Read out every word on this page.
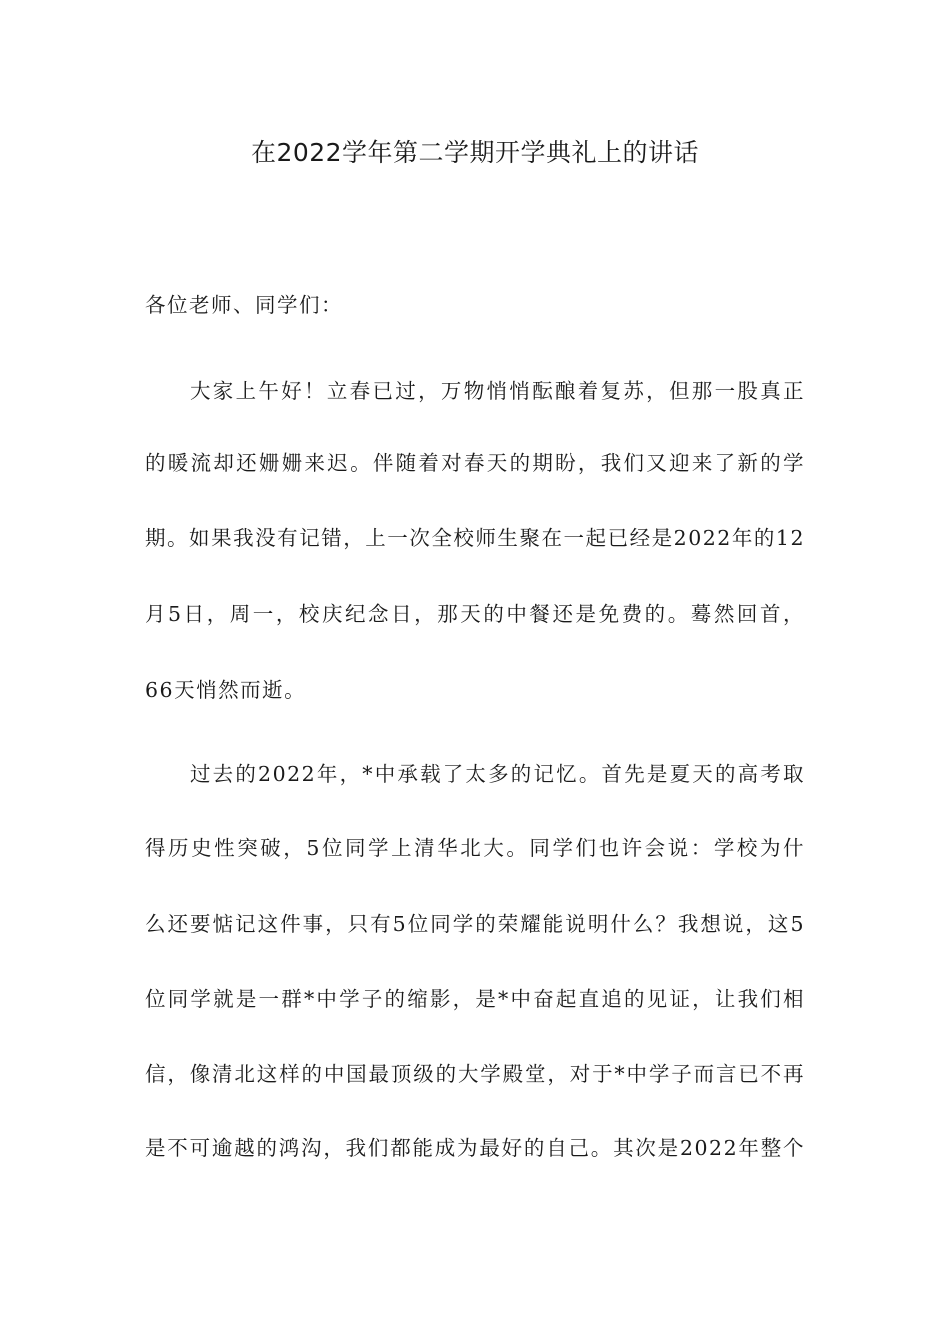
在2022学年第二学期开学典礼上的讲话
各位老师、同学们：
大家上午好！立春已过，万物悄悄酝酿着复苏，但那一股真正
的暖流却还姗姗来迟。伴随着对春天的期盼，我们又迎来了新的学
期。如果我没有记错，上一次全校师生聚在一起已经是2022年的12
月5日，周一，校庆纪念日，那天的中餐还是免费的。蓦然回首，
66天悄然而逝。
过去的2022年，*中承载了太多的记忆。首先是夏天的高考取
得历史性突破，5位同学上清华北大。同学们也许会说：学校为什
么还要惦记这件事，只有5位同学的荣耀能说明什么？我想说，这5
位同学就是一群*中学子的缩影，是*中奋起直追的见证，让我们相
信，像清北这样的中国最顶级的大学殿堂，对于*中学子而言已不再
是不可逾越的鸿沟，我们都能成为最好的自己。其次是2022年整个
